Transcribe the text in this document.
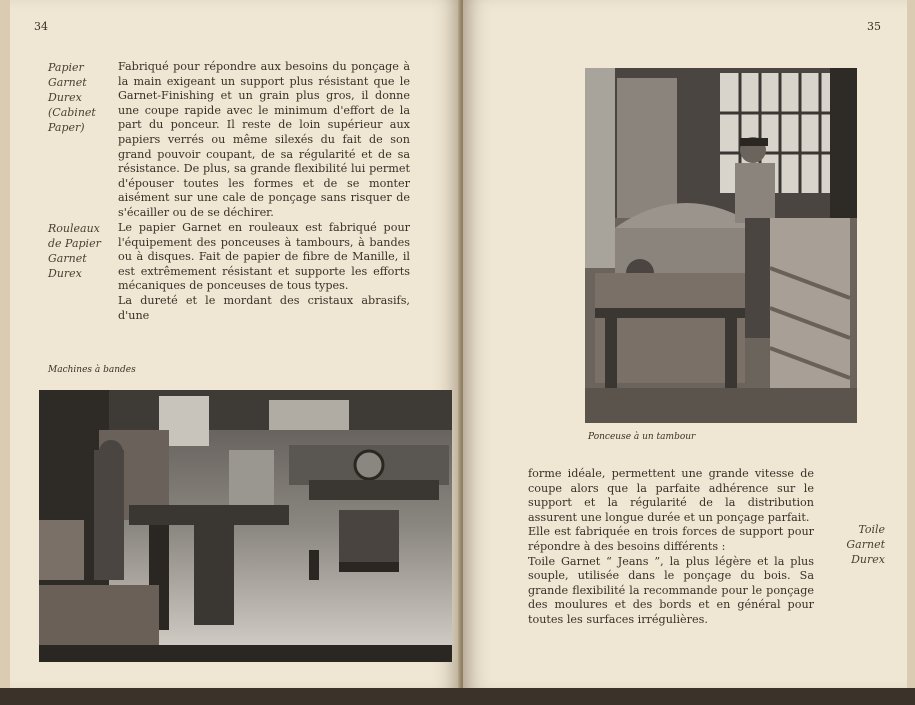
34
Papier
Garnet
Durex
(Cabinet
Paper)

Fabriqué pour répondre aux besoins du ponçage à la main exigeant un support plus résistant que le Garnet-Finishing et un grain plus gros, il donne une coupe rapide avec le minimum d'effort de la part du ponceur. Il reste de loin supérieur aux papiers verrés ou même silexés du fait de son grand pouvoir coupant, de sa régularité et de sa résistance. De plus, sa grande flexibilité lui permet d'épouser toutes les formes et de se monter aisément sur une cale de ponçage sans risquer de s'écailler ou de se déchirer.

Rouleaux
de Papier
Garnet
Durex

Le papier Garnet en rouleaux est fabriqué pour l'équipement des ponceuses à tambours, à bandes ou à disques. Fait de papier de fibre de Manille, il est extrêmement résistant et supporte les efforts mécaniques de ponceuses de tous types.

La dureté et le mordant des cristaux abrasifs, d'une

Machines à bandes
35
Ponceuse à un tambour

forme idéale, permettent une grande vitesse de coupe alors que la parfaite adhérence sur le support et la régularité de la distribution assurent une longue durée et un ponçage parfait.

Elle est fabriquée en trois forces de support pour répondre à des besoins différents :

Toile Garnet “ Jeans ”, la plus légère et la plus souple, utilisée dans le ponçage du bois. Sa grande flexibilité la recommande pour le ponçage des moulures et des bords et en général pour toutes les surfaces irrégulières.

Toile
Garnet
Durex
